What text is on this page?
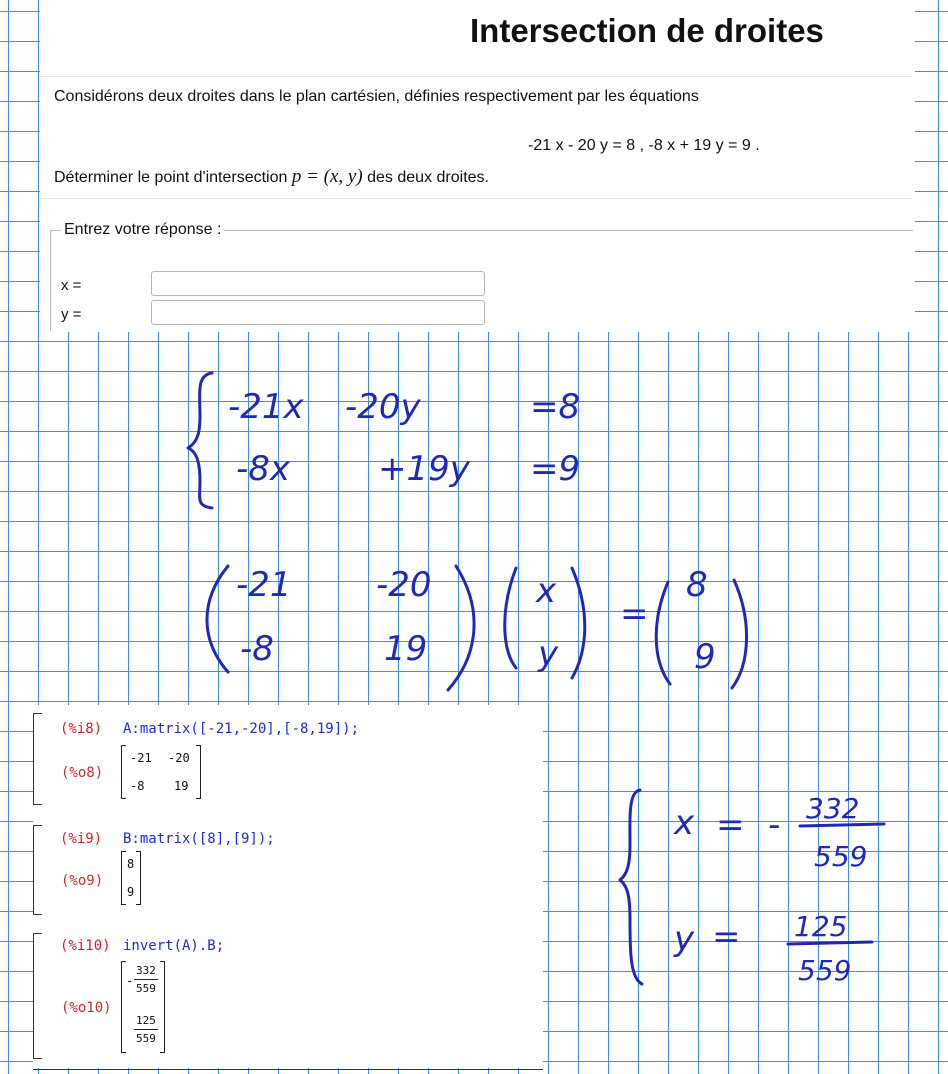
Intersection de droites
Considérons deux droites dans le plan cartésien, définies respectivement par les équations
-21 x - 20 y = 8 , -8 x + 19 y = 9 .
Déterminer le point d'intersection p = (x, y) des deux droites.
Entrez votre réponse :
x =
y =
(%i8) A:matrix([-21,-20],[-8,19]);
(%o8)
-21 -20
-8 19
(%i9) B:matrix([8],[9]);
(%o9)
8
9
(%i10) invert(A).B;
(%o10)
-
332
559
125
559
-21x -20y	=8
-8x	+19y =9
-21 -20
-8	19
x
y
=
8
9
x = - 332
559
y = 125
559
